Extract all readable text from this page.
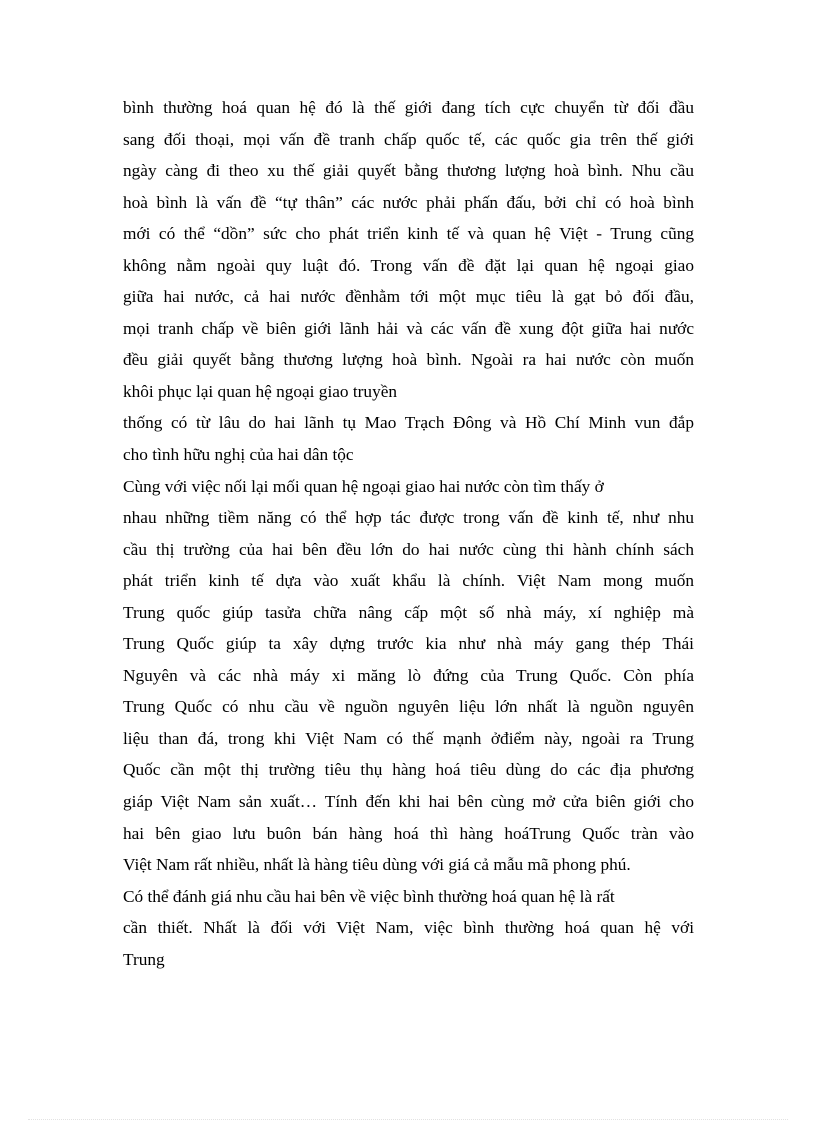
bình thường hoá quan hệ đó là thế giới đang tích cực chuyển từ đối đầu
sang đối thoại, mọi vấn đề tranh chấp quốc tế, các quốc gia trên thế giới
ngày càng đi theo xu thế giải quyết bằng thương lượng hoà bình. Nhu cầu
hoà bình là vấn đề “tự thân” các nước phải phấn đấu, bởi chỉ có hoà bình
mới có thể “dồn” sức cho phát triển kinh tế và quan hệ Việt - Trung cũng
không nằm ngoài quy luật đó. Trong vấn đề đặt lại quan hệ ngoại giao
giữa hai nước, cả hai nước đềnhằm tới một mục tiêu là gạt bỏ đối đầu,
mọi tranh chấp về biên giới lãnh hải và các vấn đề xung đột giữa hai nước
đều giải quyết bằng thương lượng hoà bình. Ngoài ra hai nước còn muốn
khôi phục lại quan hệ ngoại giao truyền
thống có từ lâu do hai lãnh tụ Mao Trạch Đông và Hồ Chí Minh vun đắp
cho tình hữu nghị của hai dân tộc
Cùng với việc nối lại mối quan hệ ngoại giao hai nước còn tìm thấy ở
nhau những tiềm năng có thể hợp tác được trong vấn đề kinh tế, như nhu
cầu thị trường của hai bên đều lớn do hai nước cùng thi hành chính sách
phát triển kinh tế dựa vào xuất khẩu là chính. Việt Nam mong muốn
Trung quốc giúp tasửa chữa nâng cấp một số nhà máy, xí nghiệp mà
Trung Quốc giúp ta xây dựng trước kia như nhà máy gang thép Thái
Nguyên và các nhà máy xi măng lò đứng của Trung Quốc. Còn phía
Trung Quốc có nhu cầu về nguồn nguyên liệu lớn nhất là nguồn nguyên
liệu than đá, trong khi Việt Nam có thế mạnh ởđiểm này, ngoài ra Trung
Quốc cần một thị trường tiêu thụ hàng hoá tiêu dùng do các địa phương
giáp Việt Nam sản xuất… Tính đến khi hai bên cùng mở cửa biên giới cho
hai bên giao lưu buôn bán hàng hoá thì hàng hoáTrung Quốc tràn vào
Việt Nam rất nhiều, nhất là hàng tiêu dùng với giá cả mẫu mã phong phú.
Có thể đánh giá nhu cầu hai bên về việc bình thường hoá quan hệ là rất
cần thiết. Nhất là đối với Việt Nam, việc bình thường hoá quan hệ với
Trung
